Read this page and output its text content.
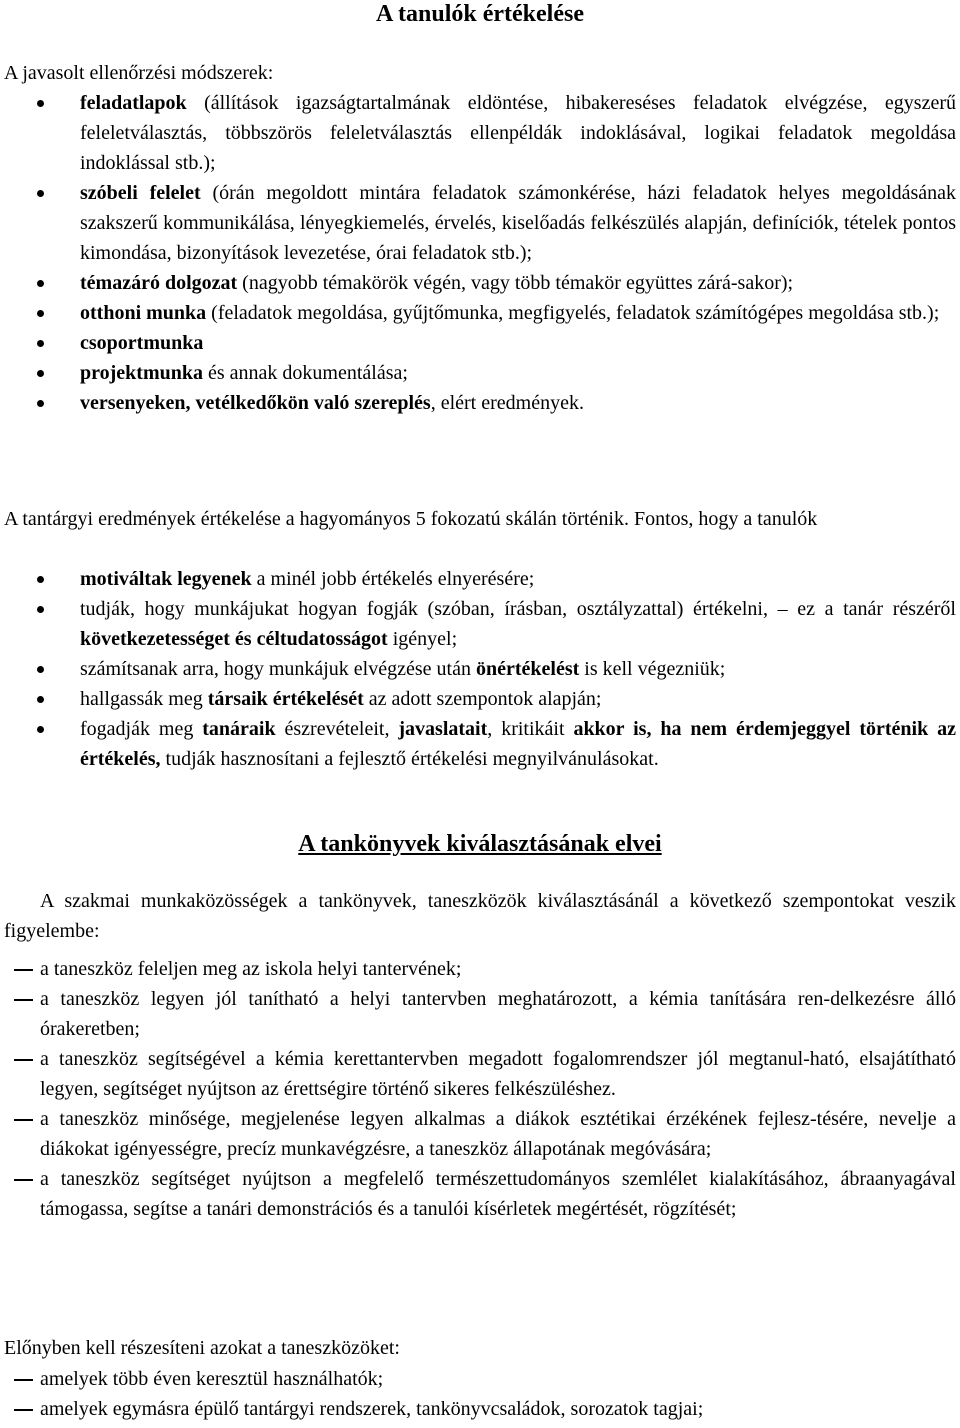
A tanulók értékelése
A javasolt ellenőrzési módszerek:
feladatlapok (állítások igazságtartalmának eldöntése, hibakereséses feladatok elvégzése, egyszerű feleletválasztás, többszörös feleletválasztás ellenpéldák indoklásával, logikai feladatok megoldása indoklással stb.);
szóbeli felelet (órán megoldott mintára feladatok számonkérése, házi feladatok helyes megoldásának szakszerű kommunikálása, lényegkiemelés, érvelés, kiselőadás felkészülés alapján, definíciók, tételek pontos kimondása, bizonyítások levezetése, órai feladatok stb.);
témazáró dolgozat (nagyobb témakörök végén, vagy több témakör együttes zárá-sakor);
otthoni munka (feladatok megoldása, gyűjtőmunka, megfigyelés, feladatok számítógépes megoldása stb.);
csoportmunka
projektmunka és annak dokumentálása;
versenyeken, vetélkedőkön való szereplés, elért eredmények.
A tantárgyi eredmények értékelése a hagyományos 5 fokozatú skálán történik. Fontos, hogy a tanulók
motiváltak legyenek a minél jobb értékelés elnyerésére;
tudják, hogy munkájukat hogyan fogják (szóban, írásban, osztályzattal) értékelni, – ez a tanár részéről következetességet és céltudatosságot igényel;
számítsanak arra, hogy munkájuk elvégzése után önértékelést is kell végezniük;
hallgassák meg társaik értékelését az adott szempontok alapján;
fogadják meg tanáraik észrevételeit, javaslatait, kritikáit akkor is, ha nem érdemjeggyel történik az értékelés, tudják hasznosítani a fejlesztő értékelési megnyilvánulásokat.
A tankönyvek kiválasztásának elvei
A szakmai munkaközösségek a tankönyvek, taneszközök kiválasztásánál a következő szempontokat veszik figyelembe:
a taneszköz feleljen meg az iskola helyi tantervének;
a taneszköz legyen jól tanítható a helyi tantervben meghatározott, a kémia tanítására ren-delkezésre álló órakeretben;
a taneszköz segítségével a kémia kerettantervben megadott fogalomrendszer jól megtanul-ható, elsajátítható legyen, segítséget nyújtson az érettségire történő sikeres felkészüléshez.
a taneszköz minősége, megjelenése legyen alkalmas a diákok esztétikai érzékének fejlesz-tésére, nevelje a diákokat igényességre, precíz munkavégzésre, a taneszköz állapotának megóvására;
a taneszköz segítséget nyújtson a megfelelő természettudományos szemlélet kialakításához, ábraanyagával támogassa, segítse a tanári demonstrációs és a tanulói kísérletek megértését, rögzítését;
Előnyben kell részesíteni azokat a taneszközöket:
amelyek több éven keresztül használhatók;
amelyek egymásra épülő tantárgyi rendszerek, tankönyvcsaládok, sorozatok tagjai;
